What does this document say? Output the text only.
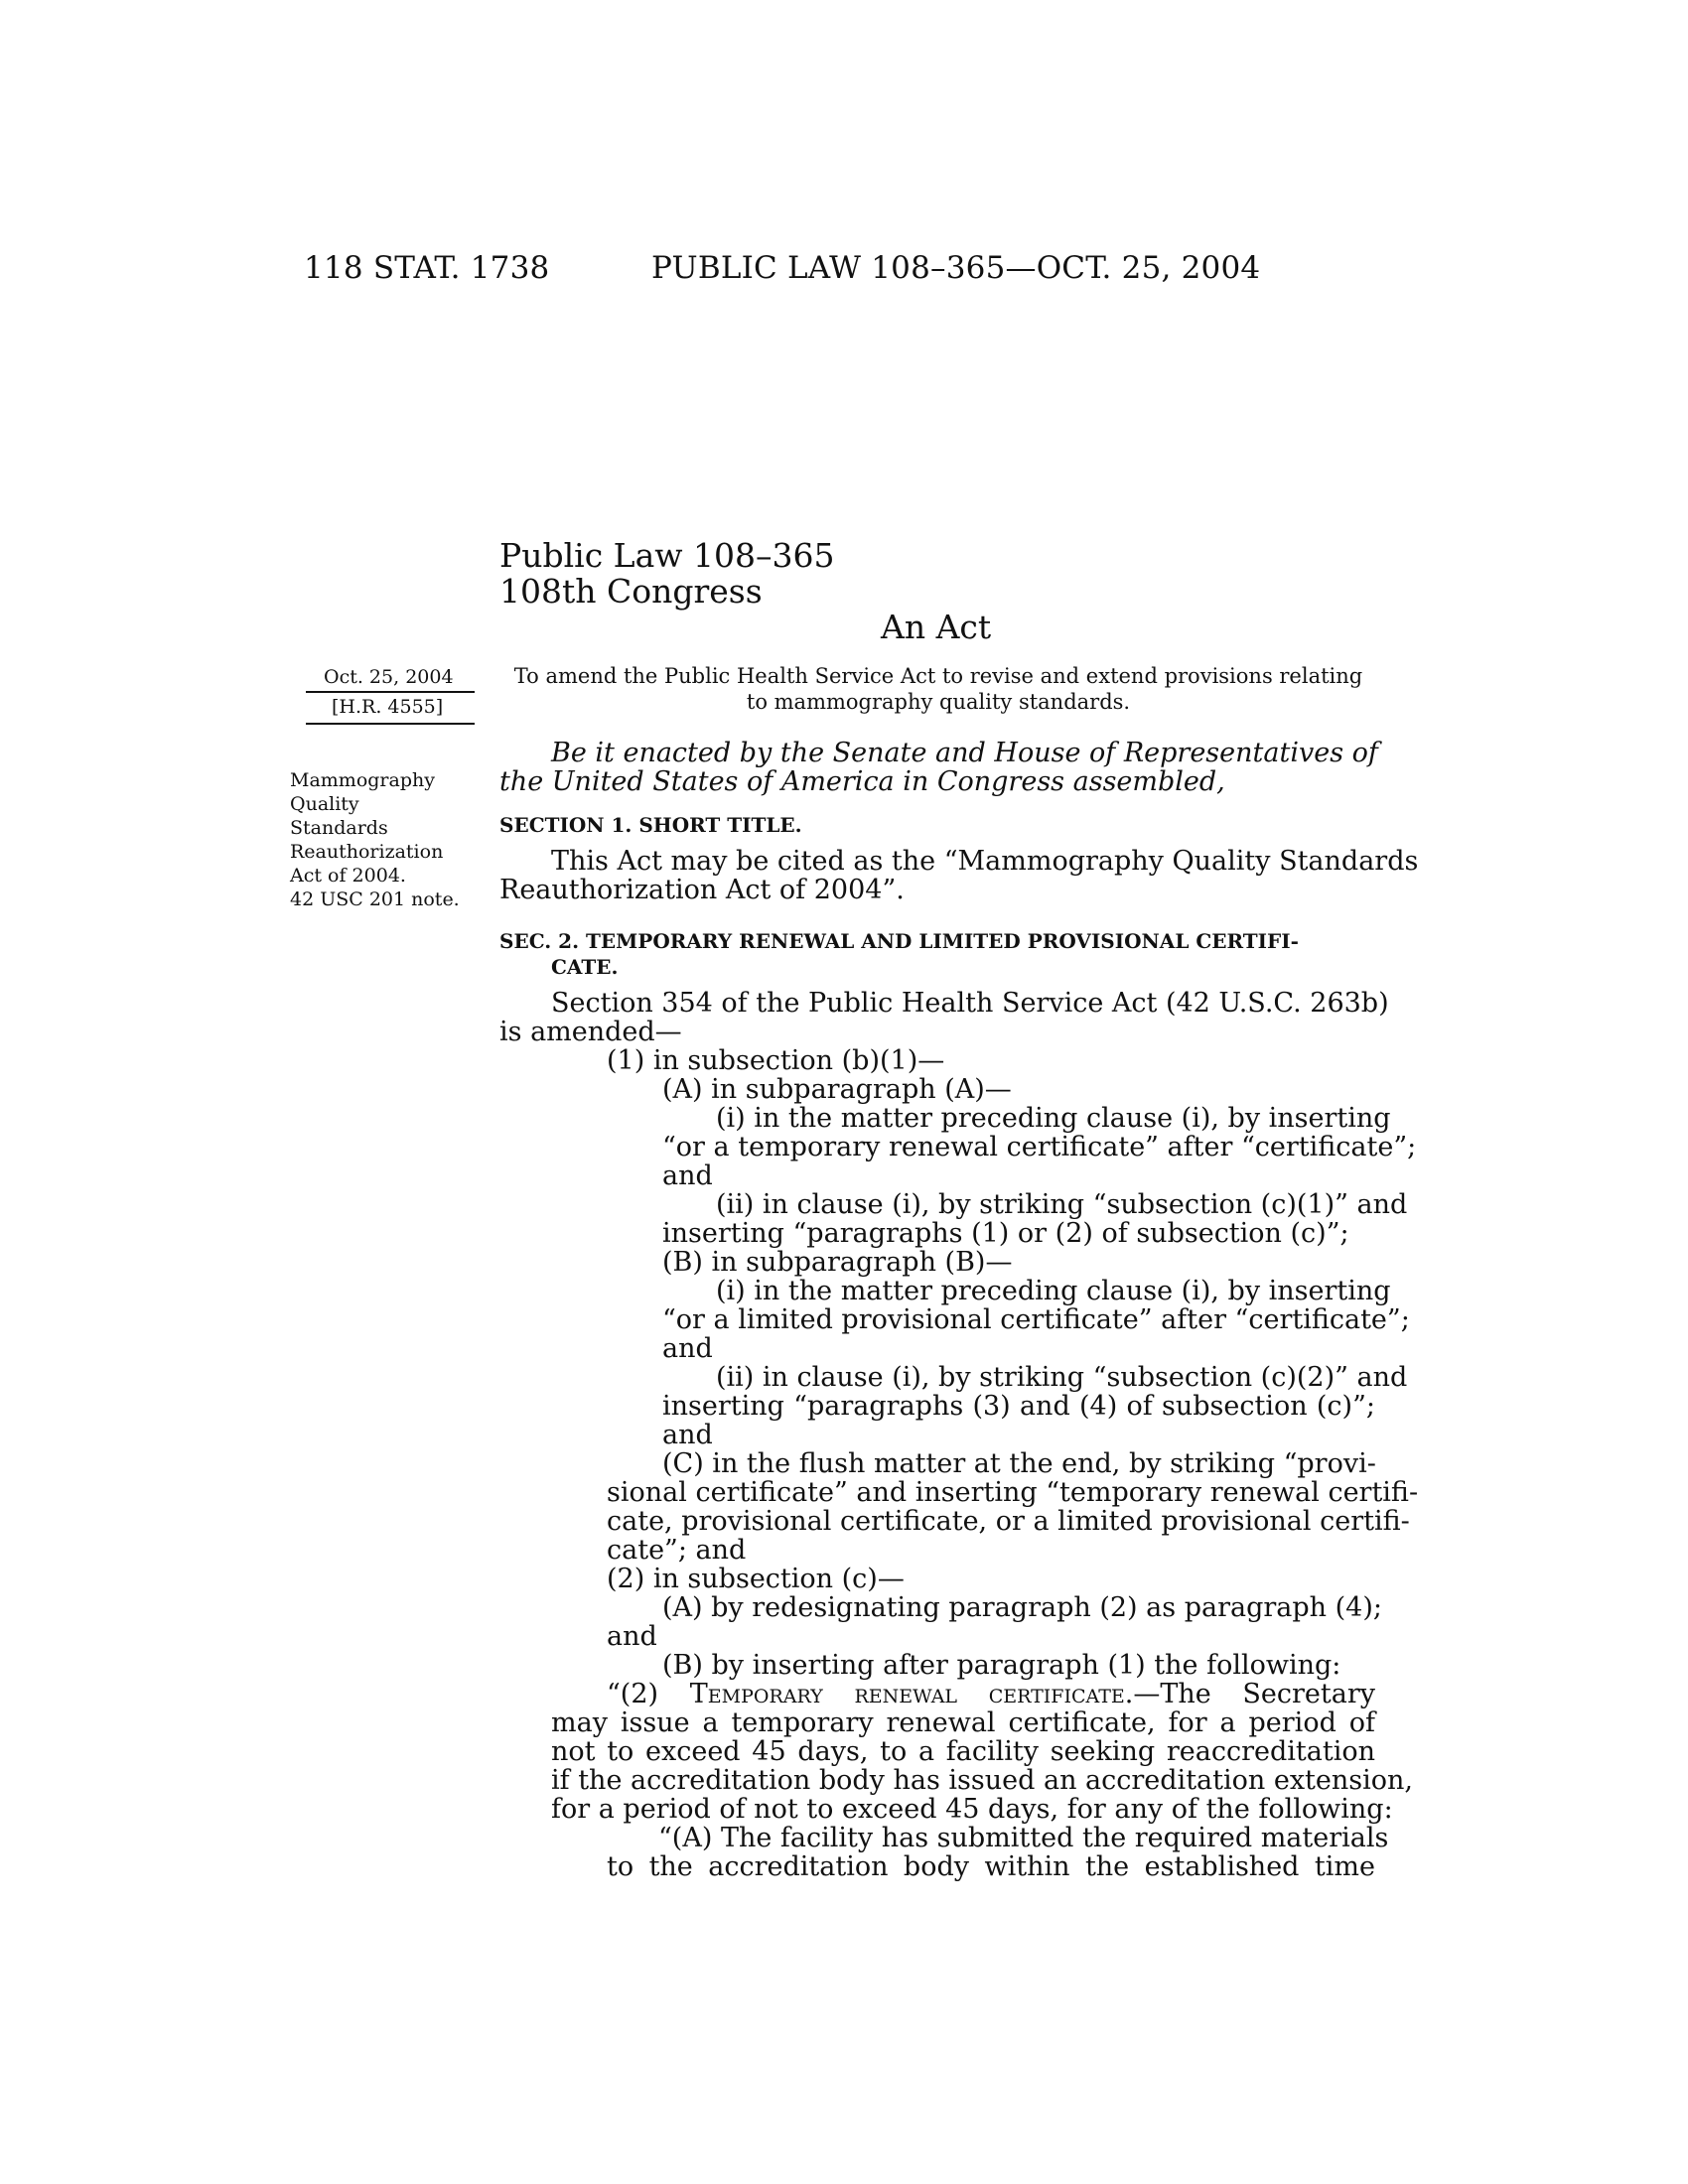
118 STAT. 1738	PUBLIC LAW 108–365—OCT. 25, 2004
Public Law 108–365
108th Congress
An Act
Oct. 25, 2004
[H.R. 4555]
To amend the Public Health Service Act to revise and extend provisions relating to mammography quality standards.
Mammography
Quality
Standards
Reauthorization
Act of 2004.
42 USC 201 note.
Be it enacted by the Senate and House of Representatives of
the United States of America in Congress assembled,
SECTION 1. SHORT TITLE.
This Act may be cited as the “Mammography Quality Standards
Reauthorization Act of 2004”.
SEC. 2. TEMPORARY RENEWAL AND LIMITED PROVISIONAL CERTIFI-
CATE.
Section 354 of the Public Health Service Act (42 U.S.C. 263b)
is amended—
(1) in subsection (b)(1)—
(A) in subparagraph (A)—
(i) in the matter preceding clause (i), by inserting
“or a temporary renewal certificate” after “certificate”;
and
(ii) in clause (i), by striking “subsection (c)(1)” and
inserting “paragraphs (1) or (2) of subsection (c)”;
(B) in subparagraph (B)—
(i) in the matter preceding clause (i), by inserting
“or a limited provisional certificate” after “certificate”;
and
(ii) in clause (i), by striking “subsection (c)(2)” and
inserting “paragraphs (3) and (4) of subsection (c)”;
and
(C) in the flush matter at the end, by striking “provi-
sional certificate” and inserting “temporary renewal certifi-
cate, provisional certificate, or a limited provisional certifi-
cate”; and
(2) in subsection (c)—
(A) by redesignating paragraph (2) as paragraph (4);
and
(B) by inserting after paragraph (1) the following:
“(2) Temporary renewal certificate.—The Secretary
may issue a temporary renewal certificate, for a period of
not to exceed 45 days, to a facility seeking reaccreditation
if the accreditation body has issued an accreditation extension,
for a period of not to exceed 45 days, for any of the following:
“(A) The facility has submitted the required materials
to the accreditation body within the established time
